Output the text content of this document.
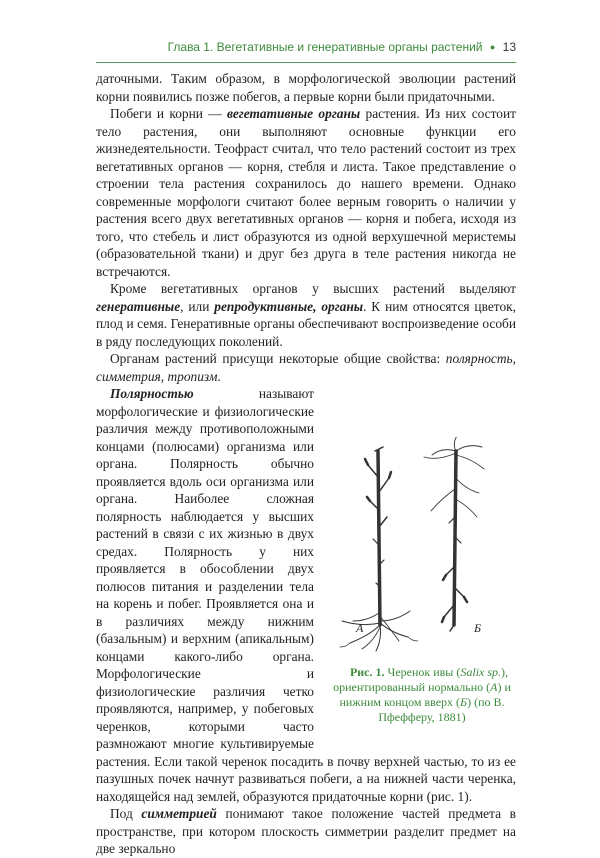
Глава 1. Вегетативные и генеративные органы растений ● 13

даточными. Таким образом, в морфологической эволюции растений корни появились позже побегов, а первые корни были придаточными.

Побеги и корни — вегетативные органы растения. Из них состоит тело растения, они выполняют основные функции его жизнедеятельности. Теофраст считал, что тело растений состоит из трех вегетативных органов — корня, стебля и листа. Такое представление о строении тела растения сохранилось до нашего времени. Однако современные морфологи считают более верным говорить о наличии у растения всего двух вегетативных органов — корня и побега, исходя из того, что стебель и лист образуются из одной верхушечной меристемы (образовательной ткани) и друг без друга в теле растения никогда не встречаются.

Кроме вегетативных органов у высших растений выделяют генеративные, или репродуктивные, органы. К ним относятся цветок, плод и семя. Генеративные органы обеспечивают воспроизведение особи в ряду последующих поколений.

Органам растений присущи некоторые общие свойства: полярность, симметрия, тропизм.

А	Б
Рис. 1. Черенок ивы (Salix sp.), ориентированный нормально (А) и нижним концом вверх (Б) (по В. Пфефферу, 1881)
Полярностью называют морфологические и физиологические различия между противоположными концами (полюсами) организма или органа. Полярность обычно проявляется вдоль оси организма или органа. Наиболее сложная полярность наблюдается у высших растений в связи с их жизнью в двух средах. Полярность у них проявляется в обособлении двух полюсов питания и разделении тела на корень и побег. Проявляется она и в различиях между нижним (базальным) и верхним (апикальным) концами какого-либо органа. Морфологические и физиологические различия четко проявляются, например, у побеговых черенков, которыми часто размножают многие культивируемые растения. Если такой черенок посадить в почву верхней частью, то из ее пазушных почек начнут развиваться побеги, а на нижней части черенка, находящейся над землей, образуются придаточные корни (рис. 1).

Под симметрией понимают такое положение частей предмета в пространстве, при котором плоскость симметрии разделит предмет на две зеркально
